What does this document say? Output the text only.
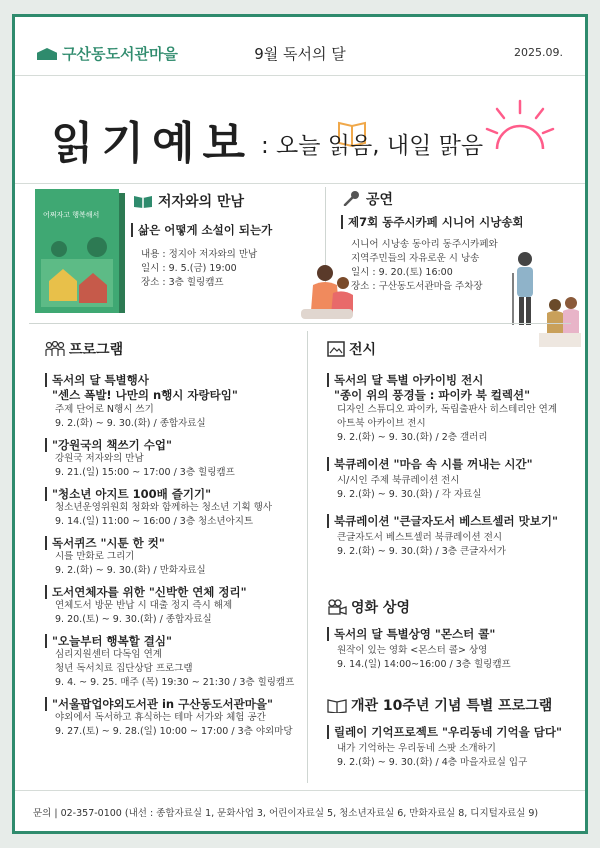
구산동도서관마을	9월 독서의 달	2025.09.
읽기예보 : 오늘 읽음, 내일 맑음
어쩌자고 행복해서
저자와의 만남
삶은 어떻게 소설이 되는가
내용 : 정지아 저자와의 만남
일시 : 9. 5.(금) 19:00
장소 : 3층 힐링캠프
공연
제7회 동주시카페 시니어 시낭송회
시니어 시낭송 동아리 동주시카페와
지역주민들의 자유로운 시 낭송
일시 : 9. 20.(토) 16:00
장소 : 구산동도서관마을 주차장
프로그램
독서의 달 특별행사
"센스 폭발! 나만의 n행시 자랑타임"
주제 단어로 N행시 쓰기
9. 2.(화) ~ 9. 30.(화) / 종합자료실
"강원국의 책쓰기 수업"
강원국 저자와의 만남
9. 21.(일) 15:00 ~ 17:00 / 3층 힐링캠프
"청소년 아지트 100배 즐기기"
청소년운영위원회 청화와 함께하는 청소년 기획 행사
9. 14.(일) 11:00 ~ 16:00 / 3층 청소년아지트
독서퀴즈 "시툰 한 컷"
시를 만화로 그리기
9. 2.(화) ~ 9. 30.(화) / 만화자료실
도서연체자를 위한 "신박한 연체 정리"
연체도서 방문 반납 시 대출 정지 즉시 해제
9. 20.(토) ~ 9. 30.(화) / 종합자료실
"오늘부터 행복할 결심"
심리지원센터 다독임 연계
청년 독서치료 집단상담 프로그램
9. 4. ~ 9. 25. 매주 (목) 19:30 ~ 21:30 / 3층 힐링캠프
"서울팝업야외도서관 in 구산동도서관마을"
야외에서 독서하고 휴식하는 테마 서가와 체험 공간
9. 27.(토) ~ 9. 28.(일) 10:00 ~ 17:00 / 3층 야외마당
전시
독서의 달 특별 아카이빙 전시
"종이 위의 풍경들 : 파이카 북 컬렉션"
디자인 스튜디오 파이카, 독립출판사 히스테리안 연계
아트북 아카이브 전시
9. 2.(화) ~ 9. 30.(화) / 2층 갤러리
북큐레이션 "마음 속 시를 꺼내는 시간"
시/시인 주제 북큐레이션 전시
9. 2.(화) ~ 9. 30.(화) / 각 자료실
북큐레이션 "큰글자도서 베스트셀러 맛보기"
큰글자도서 베스트셀러 북큐레이션 전시
9. 2.(화) ~ 9. 30.(화) / 3층 큰글자서가
영화 상영
독서의 달 특별상영 "몬스터 콜"
원작이 있는 영화 <몬스터 콜> 상영
9. 14.(일) 14:00~16:00 / 3층 힐링캠프
개관 10주년 기념 특별 프로그램
릴레이 기억프로젝트 "우리동네 기억을 담다"
내가 기억하는 우리동네 스팟 소개하기
9. 2.(화) ~ 9. 30.(화) / 4층 마을자료실 입구
문의 | 02-357-0100 (내선 : 종합자료실 1, 문화사업 3, 어린이자료실 5, 청소년자료실 6, 만화자료실 8, 디지털자료실 9)
